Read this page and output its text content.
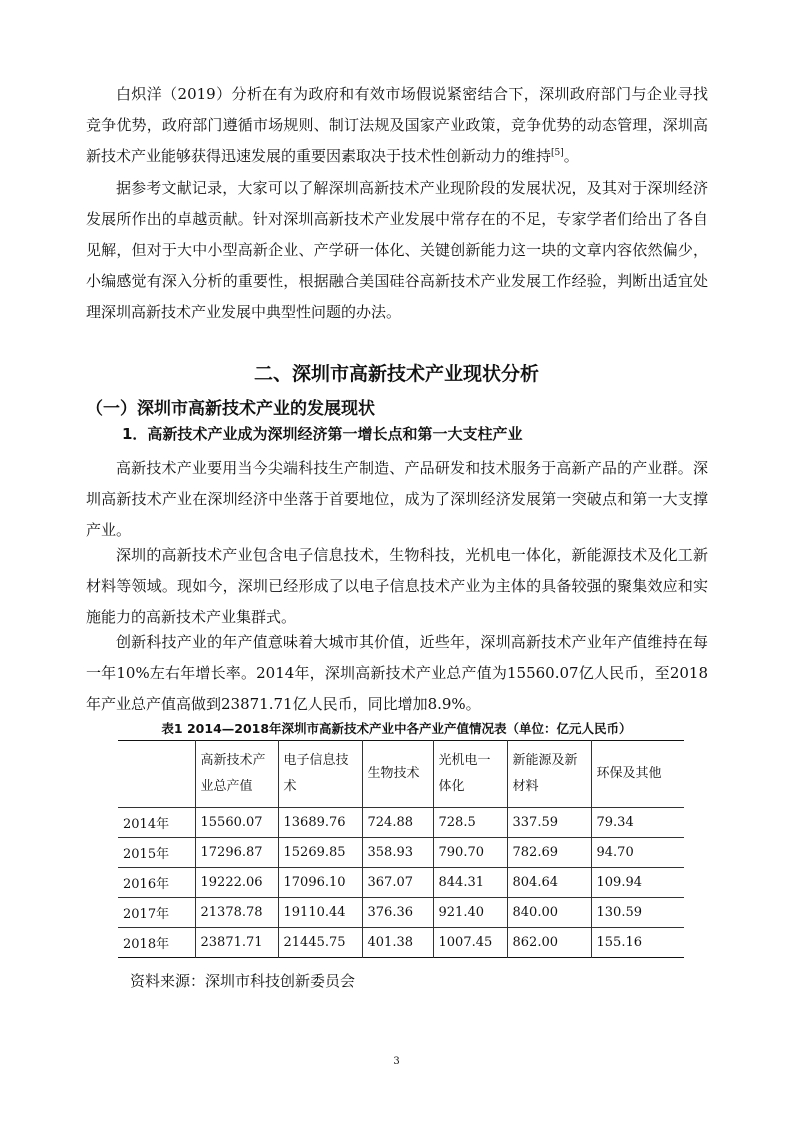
白炽洋（2019）分析在有为政府和有效市场假说紧密结合下，深圳政府部门与企业寻找竞争优势，政府部门遵循市场规则、制订法规及国家产业政策，竞争优势的动态管理，深圳高新技术产业能够获得迅速发展的重要因素取决于技术性创新动力的维持[5]。

据参考文献记录，大家可以了解深圳高新技术产业现阶段的发展状况，及其对于深圳经济发展所作出的卓越贡献。针对深圳高新技术产业发展中常存在的不足，专家学者们给出了各自见解，但对于大中小型高新企业、产学研一体化、关键创新能力这一块的文章内容依然偏少，小编感觉有深入分析的重要性，根据融合美国硅谷高新技术产业发展工作经验，判断出适宜处理深圳高新技术产业发展中典型性问题的办法。

二、深圳市高新技术产业现状分析
（一）深圳市高新技术产业的发展现状
1．高新技术产业成为深圳经济第一增长点和第一大支柱产业

高新技术产业要用当今尖端科技生产制造、产品研发和技术服务于高新产品的产业群。深圳高新技术产业在深圳经济中坐落于首要地位，成为了深圳经济发展第一突破点和第一大支撑产业。

深圳的高新技术产业包含电子信息技术，生物科技，光机电一体化，新能源技术及化工新材料等领域。现如今，深圳已经形成了以电子信息技术产业为主体的具备较强的聚集效应和实施能力的高新技术产业集群式。

创新科技产业的年产值意味着大城市其价值，近些年，深圳高新技术产业年产值维持在每一年10%左右年增长率。2014年，深圳高新技术产业总产值为15560.07亿人民币，至2018年产业总产值高做到23871.71亿人民币，同比增加8.9%。

表1 2014—2018年深圳市高新技术产业中各产业产值情况表（单位：亿元人民币）

	高新技术产业总产值	电子信息技术	生物技术	光机电一体化	新能源及新材料	环保及其他
2014年	15560.07	13689.76	724.88	728.5	337.59	79.34
2015年	17296.87	15269.85	358.93	790.70	782.69	94.70
2016年	19222.06	17096.10	367.07	844.31	804.64	109.94
2017年	21378.78	19110.44	376.36	921.40	840.00	130.59
2018年	23871.71	21445.75	401.38	1007.45	862.00	155.16

资料来源：深圳市科技创新委员会

3
